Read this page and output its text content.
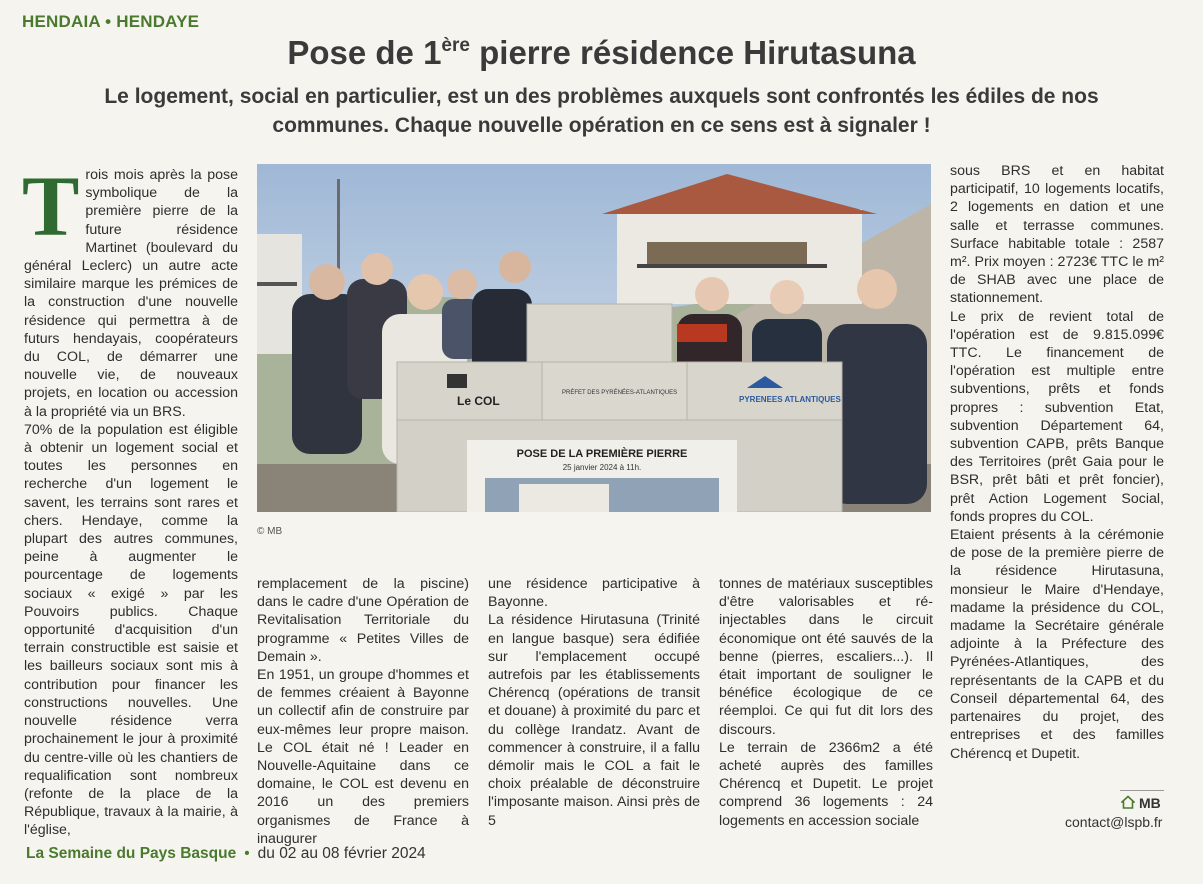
HENDAIA • HENDAYE
Pose de 1ère pierre résidence Hirutasuna
Le logement, social en particulier, est un des problèmes auxquels sont confrontés les édiles de nos
communes. Chaque nouvelle opération en ce sens est à signaler !
T rois mois après la pose symbolique de la première pierre de la future résidence Martinet (boulevard du général Leclerc) un autre acte similaire marque les prémices de la construction d'une nouvelle résidence qui permettra à de futurs hendayais, coopérateurs du COL, de démarrer une nouvelle vie, de nouveaux projets, en location ou accession à la propriété via un BRS.

70% de la population est éligible à obtenir un logement social et toutes les personnes en recherche d'un logement le savent, les terrains sont rares et chers. Hendaye, comme la plupart des autres communes, peine à augmenter le pourcentage de logements sociaux « exigé » par les Pouvoirs publics. Chaque opportunité d'acquisition d'un terrain constructible est saisie et les bailleurs sociaux sont mis à contribution pour financer les constructions nouvelles. Une nouvelle résidence verra prochainement le jour à proximité du centre-ville où les chantiers de requalification sont nombreux (refonte de la place de la République, travaux à la mairie, à l'église,

Le COL
PRÉFET DES PYRÉNÉES-ATLANTIQUES
PYRENEES ATLANTIQUES
POSE DE LA PREMIÈRE PIERRE
25 janvier 2024 à 11h.
© MB

remplacement de la piscine) dans le cadre d'une Opération de Revitalisation Territoriale du programme « Petites Villes de Demain ».

En 1951, un groupe d'hommes et de femmes créaient à Bayonne un collectif afin de construire par eux-mêmes leur propre maison. Le COL était né ! Leader en Nouvelle-Aquitaine dans ce domaine, le COL est devenu en 2016 un des premiers organismes de France à inaugurer

une résidence participative à Bayonne.

La résidence Hirutasuna (Trinité en langue basque) sera édifiée sur l'emplacement occupé autrefois par les établissements Chérencq (opérations de transit et douane) à proximité du parc et du collège Irandatz. Avant de commencer à construire, il a fallu démolir mais le COL a fait le choix préalable de déconstruire l'imposante maison. Ainsi près de 5

tonnes de matériaux susceptibles d'être valorisables et ré-injectables dans le circuit économique ont été sauvés de la benne (pierres, escaliers...). Il était important de souligner le bénéfice écologique de ce réemploi. Ce qui fut dit lors des discours.

Le terrain de 2366m2 a été acheté auprès des familles Chérencq et Dupetit. Le projet comprend 36 logements : 24 logements en accession sociale

sous BRS et en habitat participatif, 10 logements locatifs, 2 logements en dation et une salle et terrasse communes. Surface habitable totale : 2587 m². Prix moyen : 2723€ TTC le m² de SHAB avec une place de stationnement.

Le prix de revient total de l'opération est de 9.815.099€ TTC. Le financement de l'opération est multiple entre subventions, prêts et fonds propres : subvention Etat, subvention Département 64, subvention CAPB, prêts Banque des Territoires (prêt Gaia pour le BSR, prêt bâti et prêt foncier), prêt Action Logement Social, fonds propres du COL.

Etaient présents à la cérémonie de pose de la première pierre de la résidence Hirutasuna, monsieur le Maire d'Hendaye, madame la présidence du COL, madame la Secrétaire générale adjointe à la Préfecture des Pyrénées-Atlantiques, des représentants de la CAPB et du Conseil départemental 64, des partenaires du projet, des entreprises et des familles Chérencq et Dupetit.

MB
contact@lspb.fr
La Semaine du Pays Basque • du 02 au 08 février 2024
